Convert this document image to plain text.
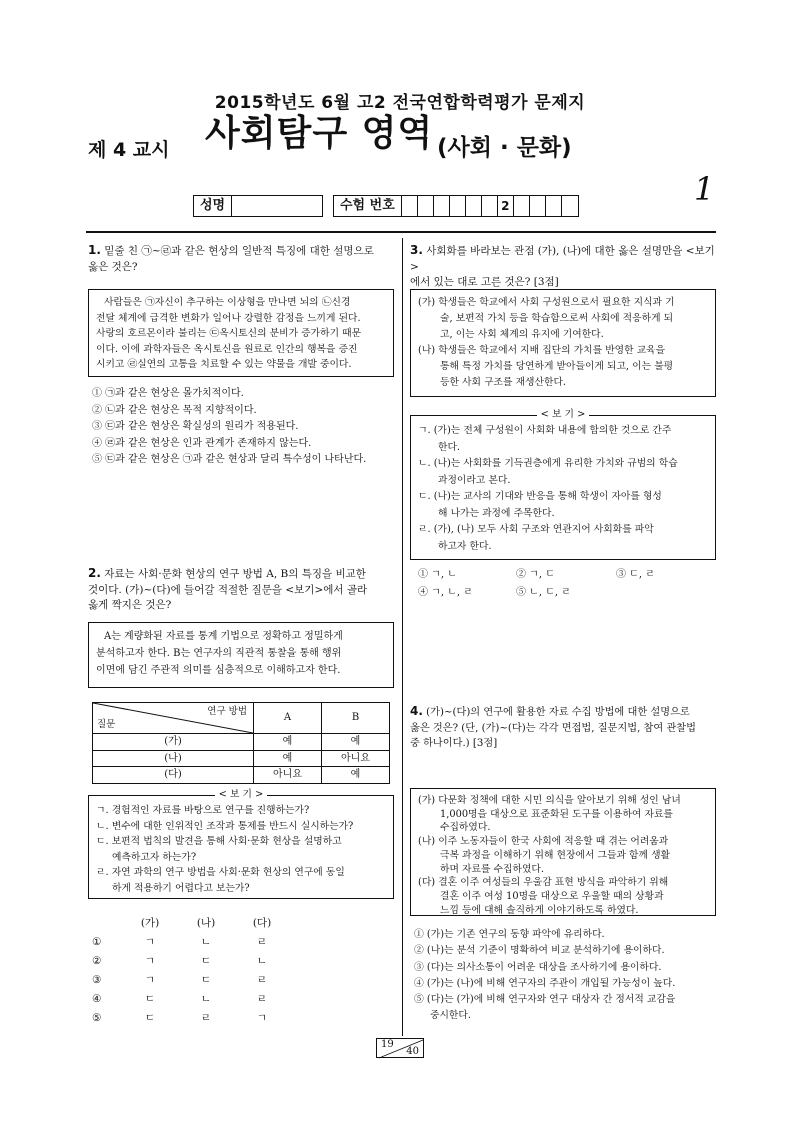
2015학년도 6월 고2 전국연합학력평가 문제지
제 4 교시 사회탐구 영역 (사회 · 문화)
1
성명	수험 번호	2
1. 밑줄 친 ㉠~㉣과 같은 현상의 일반적 특징에 대한 설명으로
옳은 것은?
사람들은 ㉠자신이 추구하는 이상형을 만나면 뇌의 ㉡신경
전달 체계에 급격한 변화가 일어나 강렬한 감정을 느끼게 된다.
사랑의 호르몬이라 불리는 ㉢옥시토신의 분비가 증가하기 때문
이다. 이에 과학자들은 옥시토신을 원료로 인간의 행복을 증진
시키고 ㉣실연의 고통을 치료할 수 있는 약물을 개발 중이다.
① ㉠과 같은 현상은 몰가치적이다.
② ㉡과 같은 현상은 목적 지향적이다.
③ ㉢과 같은 현상은 확실성의 원리가 적용된다.
④ ㉣과 같은 현상은 인과 관계가 존재하지 않는다.
⑤ ㉢과 같은 현상은 ㉠과 같은 현상과 달리 특수성이 나타난다.
2. 자료는 사회·문화 현상의 연구 방법 A, B의 특징을 비교한
것이다. (가)~(다)에 들어갈 적절한 질문을 <보기>에서 골라
옳게 짝지은 것은?
A는 계량화된 자료를 통계 기법으로 정확하고 정밀하게
분석하고자 한다. B는 연구자의 직관적 통찰을 통해 행위
이면에 담긴 주관적 의미를 심층적으로 이해하고자 한다.
연구 방법
질문	A	B
(가)	예	예
(나)	예	아니요
(다)	아니요	예
< 보 기 >
ㄱ. 경험적인 자료를 바탕으로 연구를 진행하는가?
ㄴ. 변수에 대한 인위적인 조작과 통제를 반드시 실시하는가?
ㄷ. 보편적 법칙의 발견을 통해 사회·문화 현상을 설명하고
예측하고자 하는가?
ㄹ. 자연 과학의 연구 방법을 사회·문화 현상의 연구에 동일
하게 적용하기 어렵다고 보는가?
(가)	(나)	(다)
①	ㄱ	ㄴ	ㄹ
②	ㄱ	ㄷ	ㄴ
③	ㄱ	ㄷ	ㄹ
④	ㄷ	ㄴ	ㄹ
⑤	ㄷ	ㄹ	ㄱ
3. 사회화를 바라보는 관점 (가), (나)에 대한 옳은 설명만을 <보기>
에서 있는 대로 고른 것은? [3점]
(가) 학생들은 학교에서 사회 구성원으로서 필요한 지식과 기
술, 보편적 가치 등을 학습함으로써 사회에 적응하게 되
고, 이는 사회 체계의 유지에 기여한다.
(나) 학생들은 학교에서 지배 집단의 가치를 반영한 교육을
통해 특정 가치를 당연하게 받아들이게 되고, 이는 불평
등한 사회 구조를 재생산한다.
< 보 기 >
ㄱ. (가)는 전체 구성원이 사회화 내용에 합의한 것으로 간주
한다.
ㄴ. (나)는 사회화를 기득권층에게 유리한 가치와 규범의 학습
과정이라고 본다.
ㄷ. (나)는 교사의 기대와 반응을 통해 학생이 자아를 형성
해 나가는 과정에 주목한다.
ㄹ. (가), (나) 모두 사회 구조와 연관지어 사회화를 파악
하고자 한다.
① ㄱ, ㄴ	② ㄱ, ㄷ	③ ㄷ, ㄹ
④ ㄱ, ㄴ, ㄹ	⑤ ㄴ, ㄷ, ㄹ
4. (가)~(다)의 연구에 활용한 자료 수집 방법에 대한 설명으로
옳은 것은? (단, (가)~(다)는 각각 면접법, 질문지법, 참여 관찰법
중 하나이다.) [3점]
(가) 다문화 정책에 대한 시민 의식을 알아보기 위해 성인 남녀
1,000명을 대상으로 표준화된 도구를 이용하여 자료를
수집하였다.
(나) 이주 노동자들이 한국 사회에 적응할 때 겪는 어려움과
극복 과정을 이해하기 위해 현장에서 그들과 함께 생활
하며 자료를 수집하였다.
(다) 결혼 이주 여성들의 우울감 표현 방식을 파악하기 위해
결혼 이주 여성 10명을 대상으로 우울할 때의 상황과
느낌 등에 대해 솔직하게 이야기하도록 하였다.
① (가)는 기존 연구의 동향 파악에 유리하다.
② (나)는 분석 기준이 명확하여 비교 분석하기에 용이하다.
③ (다)는 의사소통이 어려운 대상을 조사하기에 용이하다.
④ (가)는 (나)에 비해 연구자의 주관이 개입될 가능성이 높다.
⑤ (다)는 (가)에 비해 연구자와 연구 대상자 간 정서적 교감을
중시한다.
19
40
